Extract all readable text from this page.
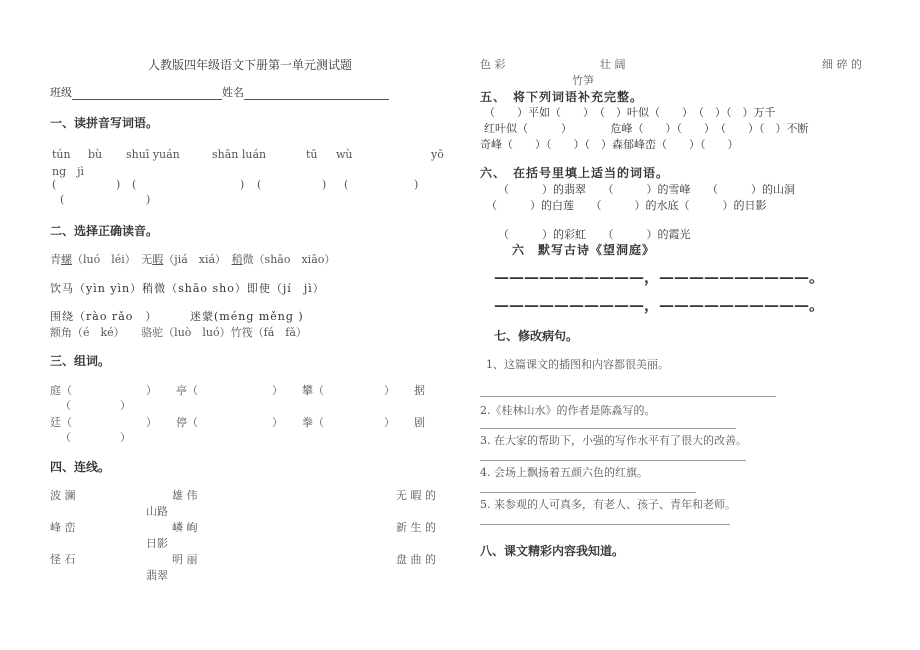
人教版四年级语文下册第一单元测试题
班级	姓名
一、读拼音写词语。
tún bù shuī yuán	shān luán	tū wù	yō
ng　jì
(	) (	) (	) (	)
(	)
二、选择正确读音。
青螺（luó　léi）　 无暇（jiá　xiá）　 稍微（shāo　xiāo）
饮马（yìn yìn）稍微（shāo sho）即使（jí　jì）
围绕（rào rǎo　）	迷蒙(méng měng )
额角（é　ké）　　骆驼（luò　luó）竹筏（fá　fǎ）
三、组词。
庭（	） 亭（	） 攀（	） 据
（	）
廷（	） 停（	） 拳（	） 剧
（	）
四、连线。
波 澜	雄 伟	无 暇 的
山路
峰 峦	嶙 峋	新 生 的
日影
怪 石	明 丽	盘 曲 的
翡翠
色 彩	壮 阔	细 碎 的
竹笋
五、　将下列词语补充完整。
（　　）平如（　　）　（　）叶似（　　）　（　）（　）万千
红叶似（　　　）　　　　危峰（　　）（　　）　（　　）（　）不断
奇峰（　　）（　　）（　）森郁峰峦（　　）（　　）
六、　在括号里填上适当的词语。
（　　　）的翡翠　　（　　　）的雪峰　　（　　　）的山洞
（　　　）的白莲　　（　　　）的水底（　　　）的日影
（　　　）的彩虹　　（　　　）的霞光
六　默写古诗《望洞庭》
——————————，——————————。
——————————，——————————。
七、修改病句。
1、这篇课文的插图和内容都很美丽。
2.《桂林山水》的作者是陈淼写的。
3. 在大家的帮助下，小强的写作水平有了很大的改善。
4. 会场上飘扬着五颜六色的红旗。
5. 来参观的人可真多，有老人、孩子、青年和老师。
八、课文精彩内容我知道。
